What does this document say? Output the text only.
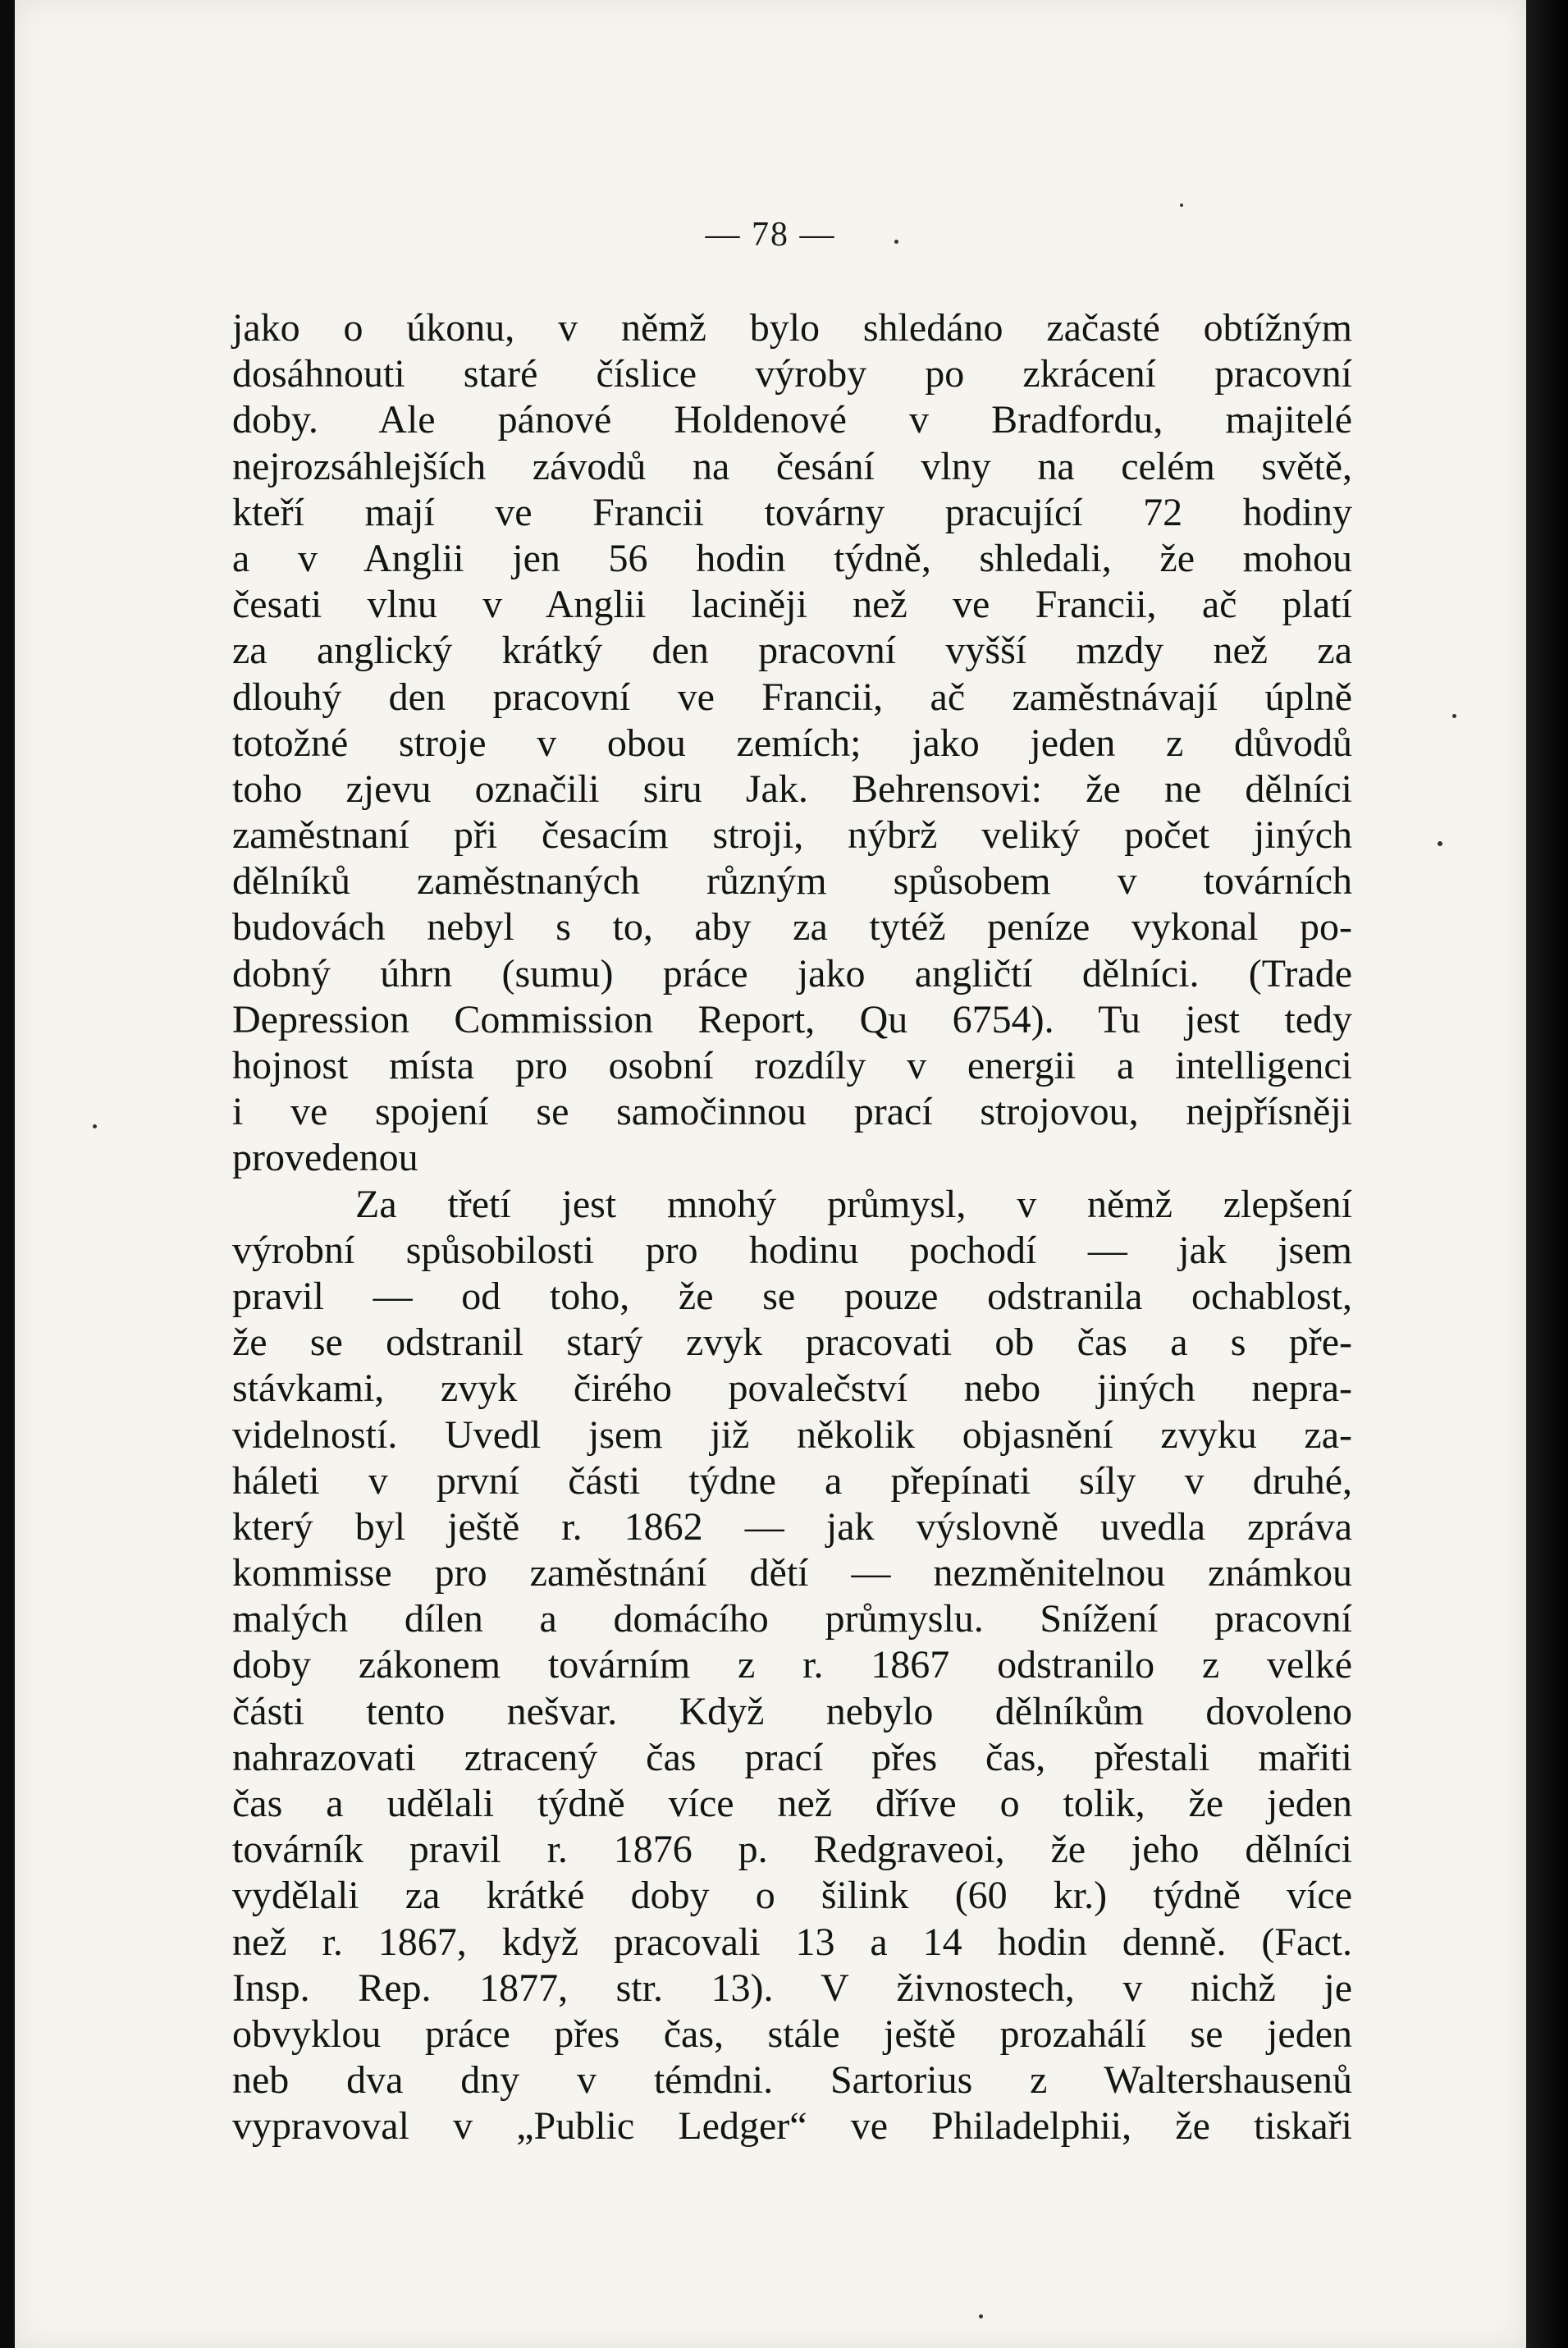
— 78 —
jako o úkonu, v němž bylo shledáno začasté obtížným
dosáhnouti staré číslice výroby po zkrácení pracovní
doby. Ale pánové Holdenové v Bradfordu, majitelé
nejrozsáhlejších závodů na česání vlny na celém světě,
kteří mají ve Francii továrny pracující 72 hodiny
a v Anglii jen 56 hodin týdně, shledali, že mohou
česati vlnu v Anglii laciněji než ve Francii, ač platí
za anglický krátký den pracovní vyšší mzdy než za
dlouhý den pracovní ve Francii, ač zaměstnávají úplně
totožné stroje v obou zemích; jako jeden z důvodů
toho zjevu označili siru Jak. Behrensovi: že ne dělníci
zaměstnaní při česacím stroji, nýbrž veliký počet jiných
dělníků zaměstnaných různým spůsobem v továrních
budovách nebyl s to, aby za tytéž peníze vykonal po-
dobný úhrn (sumu) práce jako angličtí dělníci. (Trade
Depression Commission Report, Qu 6754). Tu jest tedy
hojnost místa pro osobní rozdíly v energii a intelligenci
i ve spojení se samočinnou prací strojovou, nejpřísněji
provedenou
Za třetí jest mnohý průmysl, v němž zlepšení
výrobní spůsobilosti pro hodinu pochodí — jak jsem
pravil — od toho, že se pouze odstranila ochablost,
že se odstranil starý zvyk pracovati ob čas a s pře-
stávkami, zvyk čirého povalečství nebo jiných nepra-
videlností. Uvedl jsem již několik objasnění zvyku za-
háleti v první části týdne a přepínati síly v druhé,
který byl ještě r. 1862 — jak výslovně uvedla zpráva
kommisse pro zaměstnání dětí — nezměnitelnou známkou
malých dílen a domácího průmyslu. Snížení pracovní
doby zákonem továrním z r. 1867 odstranilo z velké
části tento nešvar. Když nebylo dělníkům dovoleno
nahrazovati ztracený čas prací přes čas, přestali mařiti
čas a udělali týdně více než dříve o tolik, že jeden
továrník pravil r. 1876 p. Redgraveoi, že jeho dělníci
vydělali za krátké doby o šilink (60 kr.) týdně více
než r. 1867, když pracovali 13 a 14 hodin denně. (Fact.
Insp. Rep. 1877, str. 13). V živnostech, v nichž je
obvyklou práce přes čas, stále ještě prozahálí se jeden
neb dva dny v témdni. Sartorius z Waltershausenů
vypravoval v „Public Ledger“ ve Philadelphii, že tiskaři
